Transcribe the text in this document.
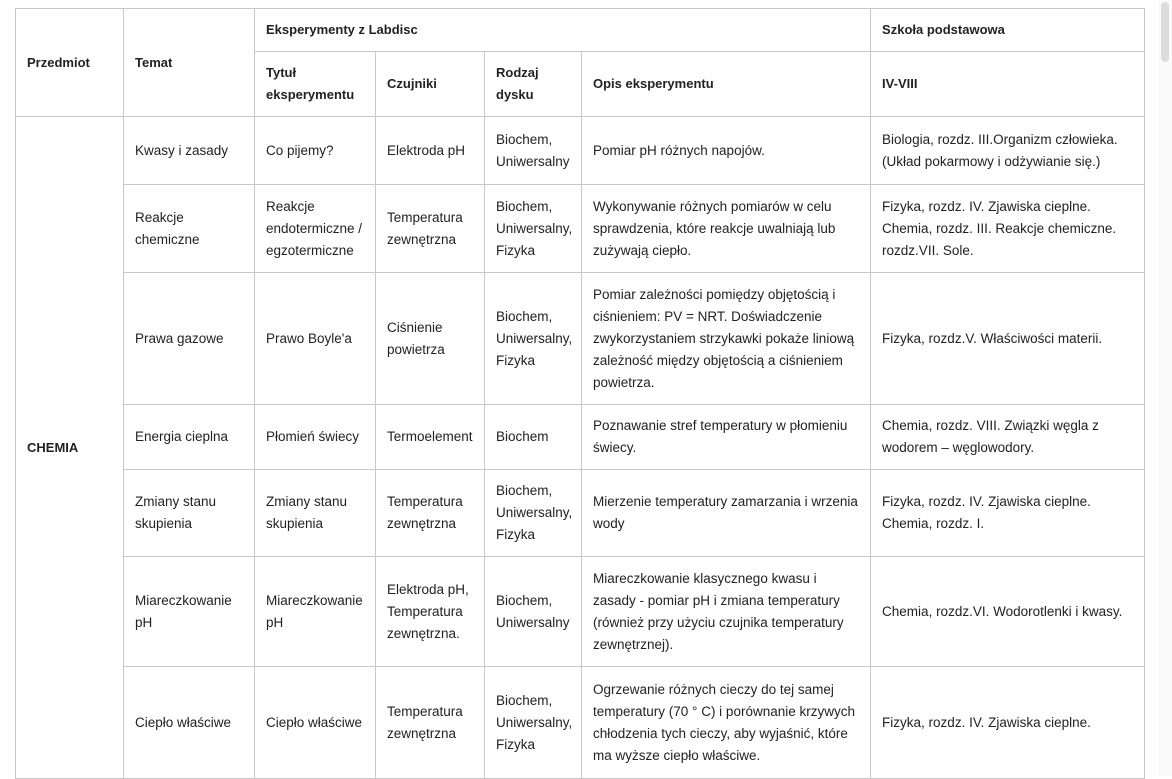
Przedmiot	Temat	Eksperymenty z Labdisc				Szkoła podstawowa
		Tytuł eksperymentu	Czujniki	Rodzaj dysku	Opis eksperymentu	IV-VIII
CHEMIA	Kwasy i zasady	Co pijemy?	Elektroda pH	Biochem, Uniwersalny	Pomiar pH różnych napojów.	Biologia, rozdz. III.Organizm człowieka. (Układ pokarmowy i odżywianie się.)
	Reakcje chemiczne	Reakcje endotermiczne / egzotermiczne	Temperatura zewnętrzna	Biochem, Uniwersalny, Fizyka	Wykonywanie różnych pomiarów w celu sprawdzenia, które reakcje uwalniają lub zużywają ciepło.	Fizyka, rozdz. IV. Zjawiska cieplne. Chemia, rozdz. III. Reakcje chemiczne. rozdz.VII. Sole.
	Prawa gazowe	Prawo Boyle'a	Ciśnienie powietrza	Biochem, Uniwersalny, Fizyka	Pomiar zależności pomiędzy objętością i ciśnieniem: PV = NRT. Doświadczenie zwykorzystaniem strzykawki pokaże liniową zależność między objętością a ciśnieniem powietrza.	Fizyka, rozdz.V. Właściwości materii.
	Energia cieplna	Płomień świecy	Termoelement	Biochem	Poznawanie stref temperatury w płomieniu świecy.	Chemia, rozdz. VIII. Związki węgla z wodorem – węglowodory.
	Zmiany stanu skupienia	Zmiany stanu skupienia	Temperatura zewnętrzna	Biochem, Uniwersalny, Fizyka	Mierzenie temperatury zamarzania i wrzenia wody	Fizyka, rozdz. IV. Zjawiska cieplne. Chemia, rozdz. I.
	Miareczkowanie pH	Miareczkowanie pH	Elektroda pH, Temperatura zewnętrzna.	Biochem, Uniwersalny	Miareczkowanie klasycznego kwasu i zasady - pomiar pH i zmiana temperatury (również przy użyciu czujnika temperatury zewnętrznej).	Chemia, rozdz.VI. Wodorotlenki i kwasy.
	Ciepło właściwe	Ciepło właściwe	Temperatura zewnętrzna	Biochem, Uniwersalny, Fizyka	Ogrzewanie różnych cieczy do tej samej temperatury (70 ° C) i porównanie krzywych chłodzenia tych cieczy, aby wyjaśnić, które ma wyższe ciepło właściwe.	Fizyka, rozdz. IV. Zjawiska cieplne.
